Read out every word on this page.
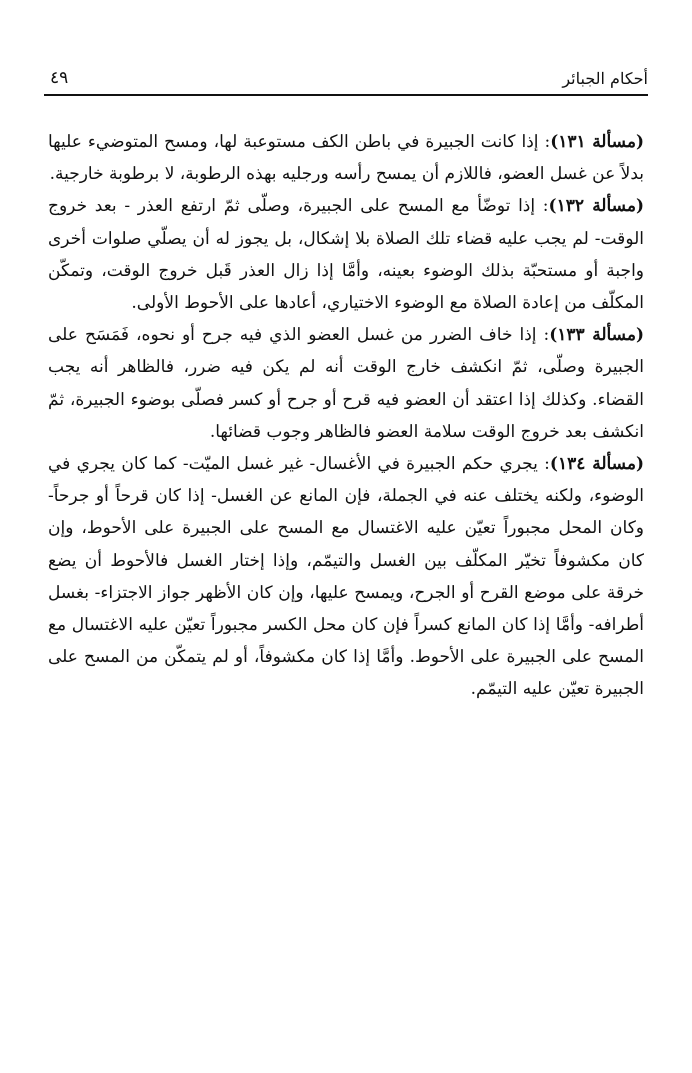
أحكام الجبائر
٤٩

(مسألة ١٣١): إذا كانت الجبيرة في باطن الكف مستوعبة لها، ومسح المتوضيء عليها بدلاً عن غسل العضو، فاللازم أن يمسح رأسه ورجليه بهذه الرطوبة، لا برطوبة خارجية.

(مسألة ١٣٢): إذا توضّأ مع المسح على الجبيرة، وصلّى ثمّ ارتفع العذر - بعد خروج الوقت- لم يجب عليه قضاء تلك الصلاة بلا إشكال، بل يجوز له أن يصلّي صلوات أخرى واجبة أو مستحبّة بذلك الوضوء بعينه، وأمَّا إذا زال العذر قَبل خروج الوقت، وتمكّن المكلّف من إعادة الصلاة مع الوضوء الاختياري، أعادها على الأحوط الأولى.

(مسألة ١٣٣): إذا خاف الضرر من غسل العضو الذي فيه جرح أو نحوه، فَمَسَح على الجبيرة وصلّى، ثمّ انكشف خارج الوقت أنه لم يكن فيه ضرر، فالظاهر أنه يجب القضاء. وكذلك إذا اعتقد أن العضو فيه قرح أو جرح أو كسر فصلّى بوضوء الجبيرة، ثمّ انكشف بعد خروج الوقت سلامة العضو فالظاهر وجوب قضائها.

(مسألة ١٣٤): يجري حكم الجبيرة في الأغسال- غير غسل الميّت- كما كان يجري في الوضوء، ولكنه يختلف عنه في الجملة، فإن المانع عن الغسل- إذا كان قرحاً أو جرحاً- وكان المحل مجبوراً تعيّن عليه الاغتسال مع المسح على الجبيرة على الأحوط، وإن كان مكشوفاً تخيّر المكلّف بين الغسل والتيمّم، وإذا إختار الغسل فالأحوط أن يضع خرقة على موضع القرح أو الجرح، ويمسح عليها، وإن كان الأظهر جواز الاجتزاء- بغسل أطرافه- وأمَّا إذا كان المانع كسراً فإن كان محل الكسر مجبوراً تعيّن عليه الاغتسال مع المسح على الجبيرة على الأحوط. وأمَّا إذا كان مكشوفاً، أو لم يتمكّن من المسح على الجبيرة تعيّن عليه التيمّم.
